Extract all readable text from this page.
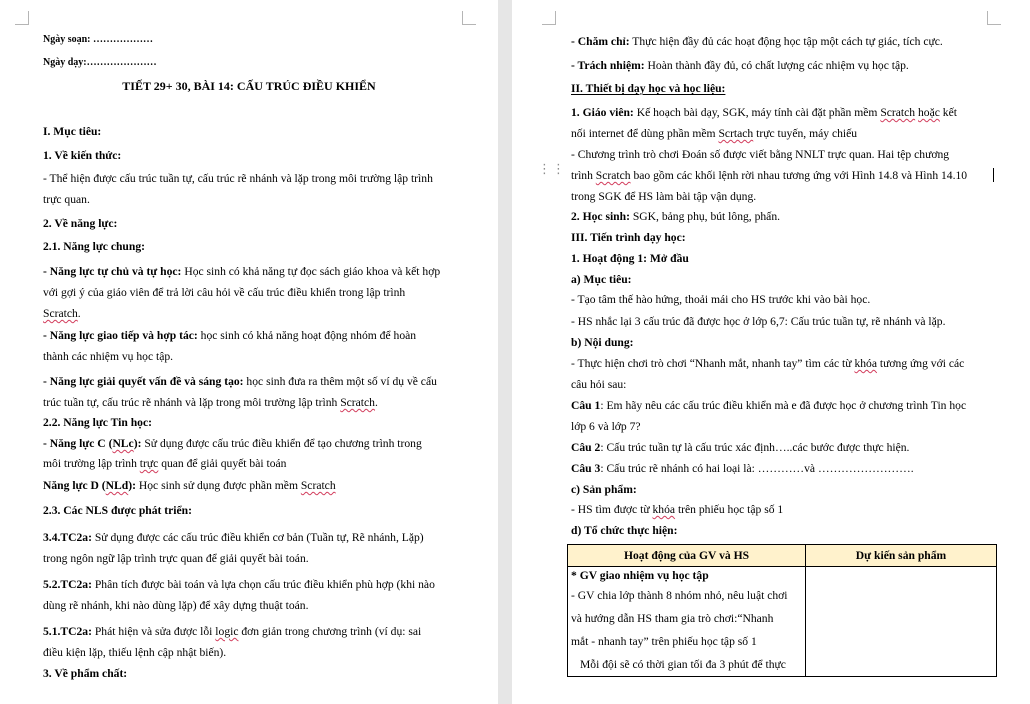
Ngày soạn: ………………
Ngày dạy:…………………
TIẾT 29+ 30, BÀI 14: CẤU TRÚC ĐIỀU KHIỂN
I. Mục tiêu:
1. Về kiến thức:
- Thể hiện được cấu trúc tuần tự, cấu trúc rẽ nhánh và lặp trong môi trường lập trình
trực quan.
2. Về năng lực:
2.1. Năng lực chung:
- Năng lực tự chủ và tự học: Học sinh có khả năng tự đọc sách giáo khoa và kết hợp
với gợi ý của giáo viên để trả lời câu hỏi về cấu trúc điều khiển trong lập trình
Scratch.
- Năng lực giao tiếp và hợp tác: học sinh có khả năng hoạt động nhóm để hoàn
thành các nhiệm vụ học tập.
- Năng lực giải quyết vấn đề và sáng tạo: học sinh đưa ra thêm một số ví dụ về cấu
trúc tuần tự, cấu trúc rẽ nhánh và lặp trong môi trường lập trình Scratch.
2.2. Năng lực Tin học:
- Năng lực C (NLc): Sử dụng được cấu trúc điều khiển để tạo chương trình trong
môi trường lập trình trực quan để giải quyết bài toán
Năng lực D (NLd): Học sinh sử dụng được phần mềm Scratch
2.3. Các NLS được phát triển:
3.4.TC2a: Sử dụng được các cấu trúc điều khiển cơ bản (Tuần tự, Rẽ nhánh, Lặp)
trong ngôn ngữ lập trình trực quan để giải quyết bài toán.
5.2.TC2a: Phân tích được bài toán và lựa chọn cấu trúc điều khiển phù hợp (khi nào
dùng rẽ nhánh, khi nào dùng lặp) để xây dựng thuật toán.
5.1.TC2a: Phát hiện và sửa được lỗi logic đơn giản trong chương trình (ví dụ: sai
điều kiện lặp, thiếu lệnh cập nhật biến).
3. Về phẩm chất:
⋮⋮
- Chăm chỉ: Thực hiện đầy đủ các hoạt động học tập một cách tự giác, tích cực.
- Trách nhiệm: Hoàn thành đầy đủ, có chất lượng các nhiệm vụ học tập.
II. Thiết bị dạy học và học liệu:
1. Giáo viên: Kế hoạch bài dạy, SGK, máy tính cài đặt phần mềm Scratch hoặc kết
nối internet để dùng phần mềm Scrtach trực tuyến, máy chiếu
- Chương trình trò chơi Đoán số được viết bằng NNLT trực quan. Hai tệp chương
trình Scratch bao gồm các khối lệnh rời nhau tương ứng với Hình 14.8 và Hình 14.10
trong SGK để HS làm bài tập vận dụng.
2. Học sinh: SGK, bảng phụ, bút lông, phấn.
III. Tiến trình dạy học:
1. Hoạt động 1: Mở đầu
a) Mục tiêu:
- Tạo tâm thế hào hứng, thoải mái cho HS trước khi vào bài học.
- HS nhắc lại 3 cấu trúc đã được học ở lớp 6,7: Cấu trúc tuần tự, rẽ nhánh và lặp.
b) Nội dung:
- Thực hiện chơi trò chơi “Nhanh mắt, nhanh tay” tìm các từ khóa tương ứng với các
câu hỏi sau:
Câu 1: Em hãy nêu các cấu trúc điều khiển mà e đã được học ở chương trình Tin học
lớp 6 và lớp 7?
Câu 2: Cấu trúc tuần tự là cấu trúc xác định…..các bước được thực hiện.
Câu 3: Cấu trúc rẽ nhánh có hai loại là: …………và …………………….
c) Sản phẩm:
- HS tìm được từ khóa trên phiếu học tập số 1
d) Tổ chức thực hiện:
Hoạt động của GV và HS	Dự kiến sản phẩm

* GV giao nhiệm vụ học tập
- GV chia lớp thành 8 nhóm nhỏ, nêu luật chơi
và hướng dẫn HS tham gia trò chơi:“Nhanh
mắt - nhanh tay” trên phiếu học tập số 1
Mỗi đội sẽ có thời gian tối đa 3 phút để thực	
